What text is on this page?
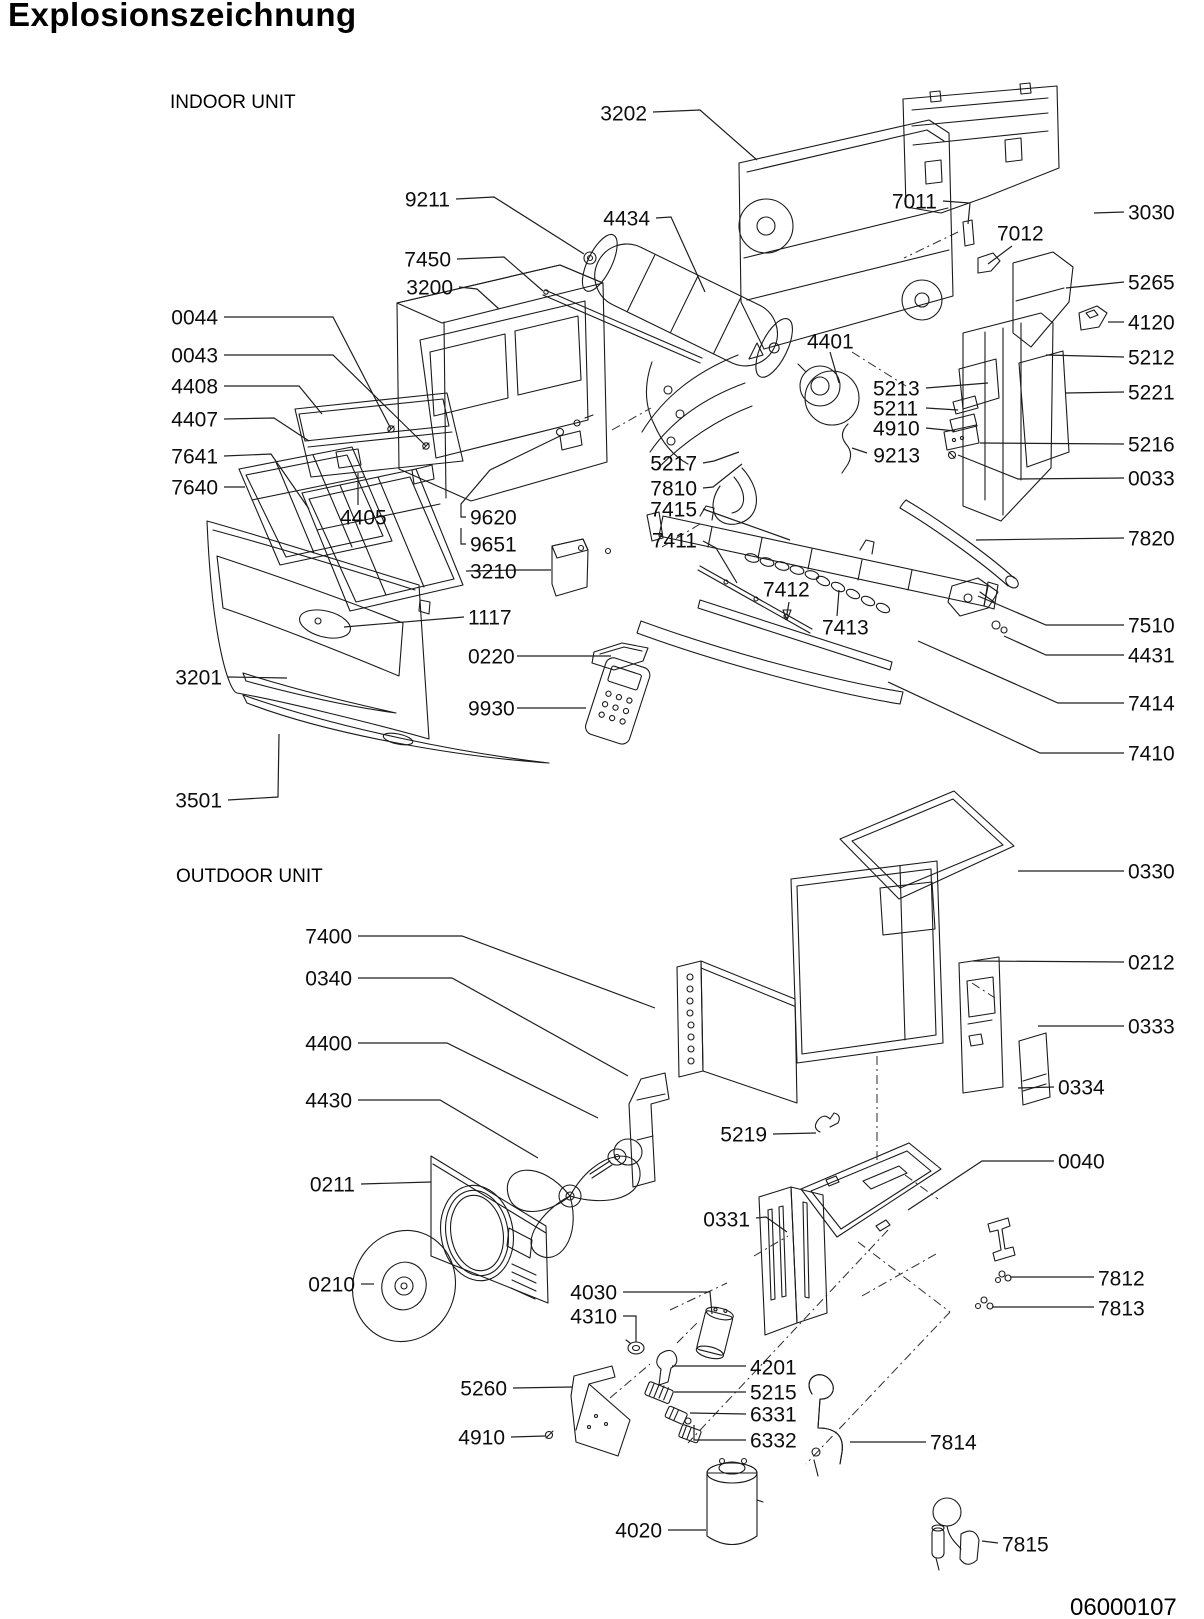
Explosionszeichnung
INDOOR UNIT
OUTDOOR UNIT
06000107
3202
9211
4434
7011
7012
3030
7450
3200	5265
4120
0044
0043
4408
4407
5212
4401
5213
5211
4910
5221
7641
7640
5216
9213
0033
5217
7810
7415
4405	9620
9651
3210
7411	7820
7412
7413
1117	7510
0220	4431
3201
7414
9930
7410
3501
0330
7400
0340
0212
0333
4400
0334
4430
5219
0040
0211
0331
0210	4030
4310
7812
7813
4201
5260	5215
6331
6332
4910	7814
4020
7815
